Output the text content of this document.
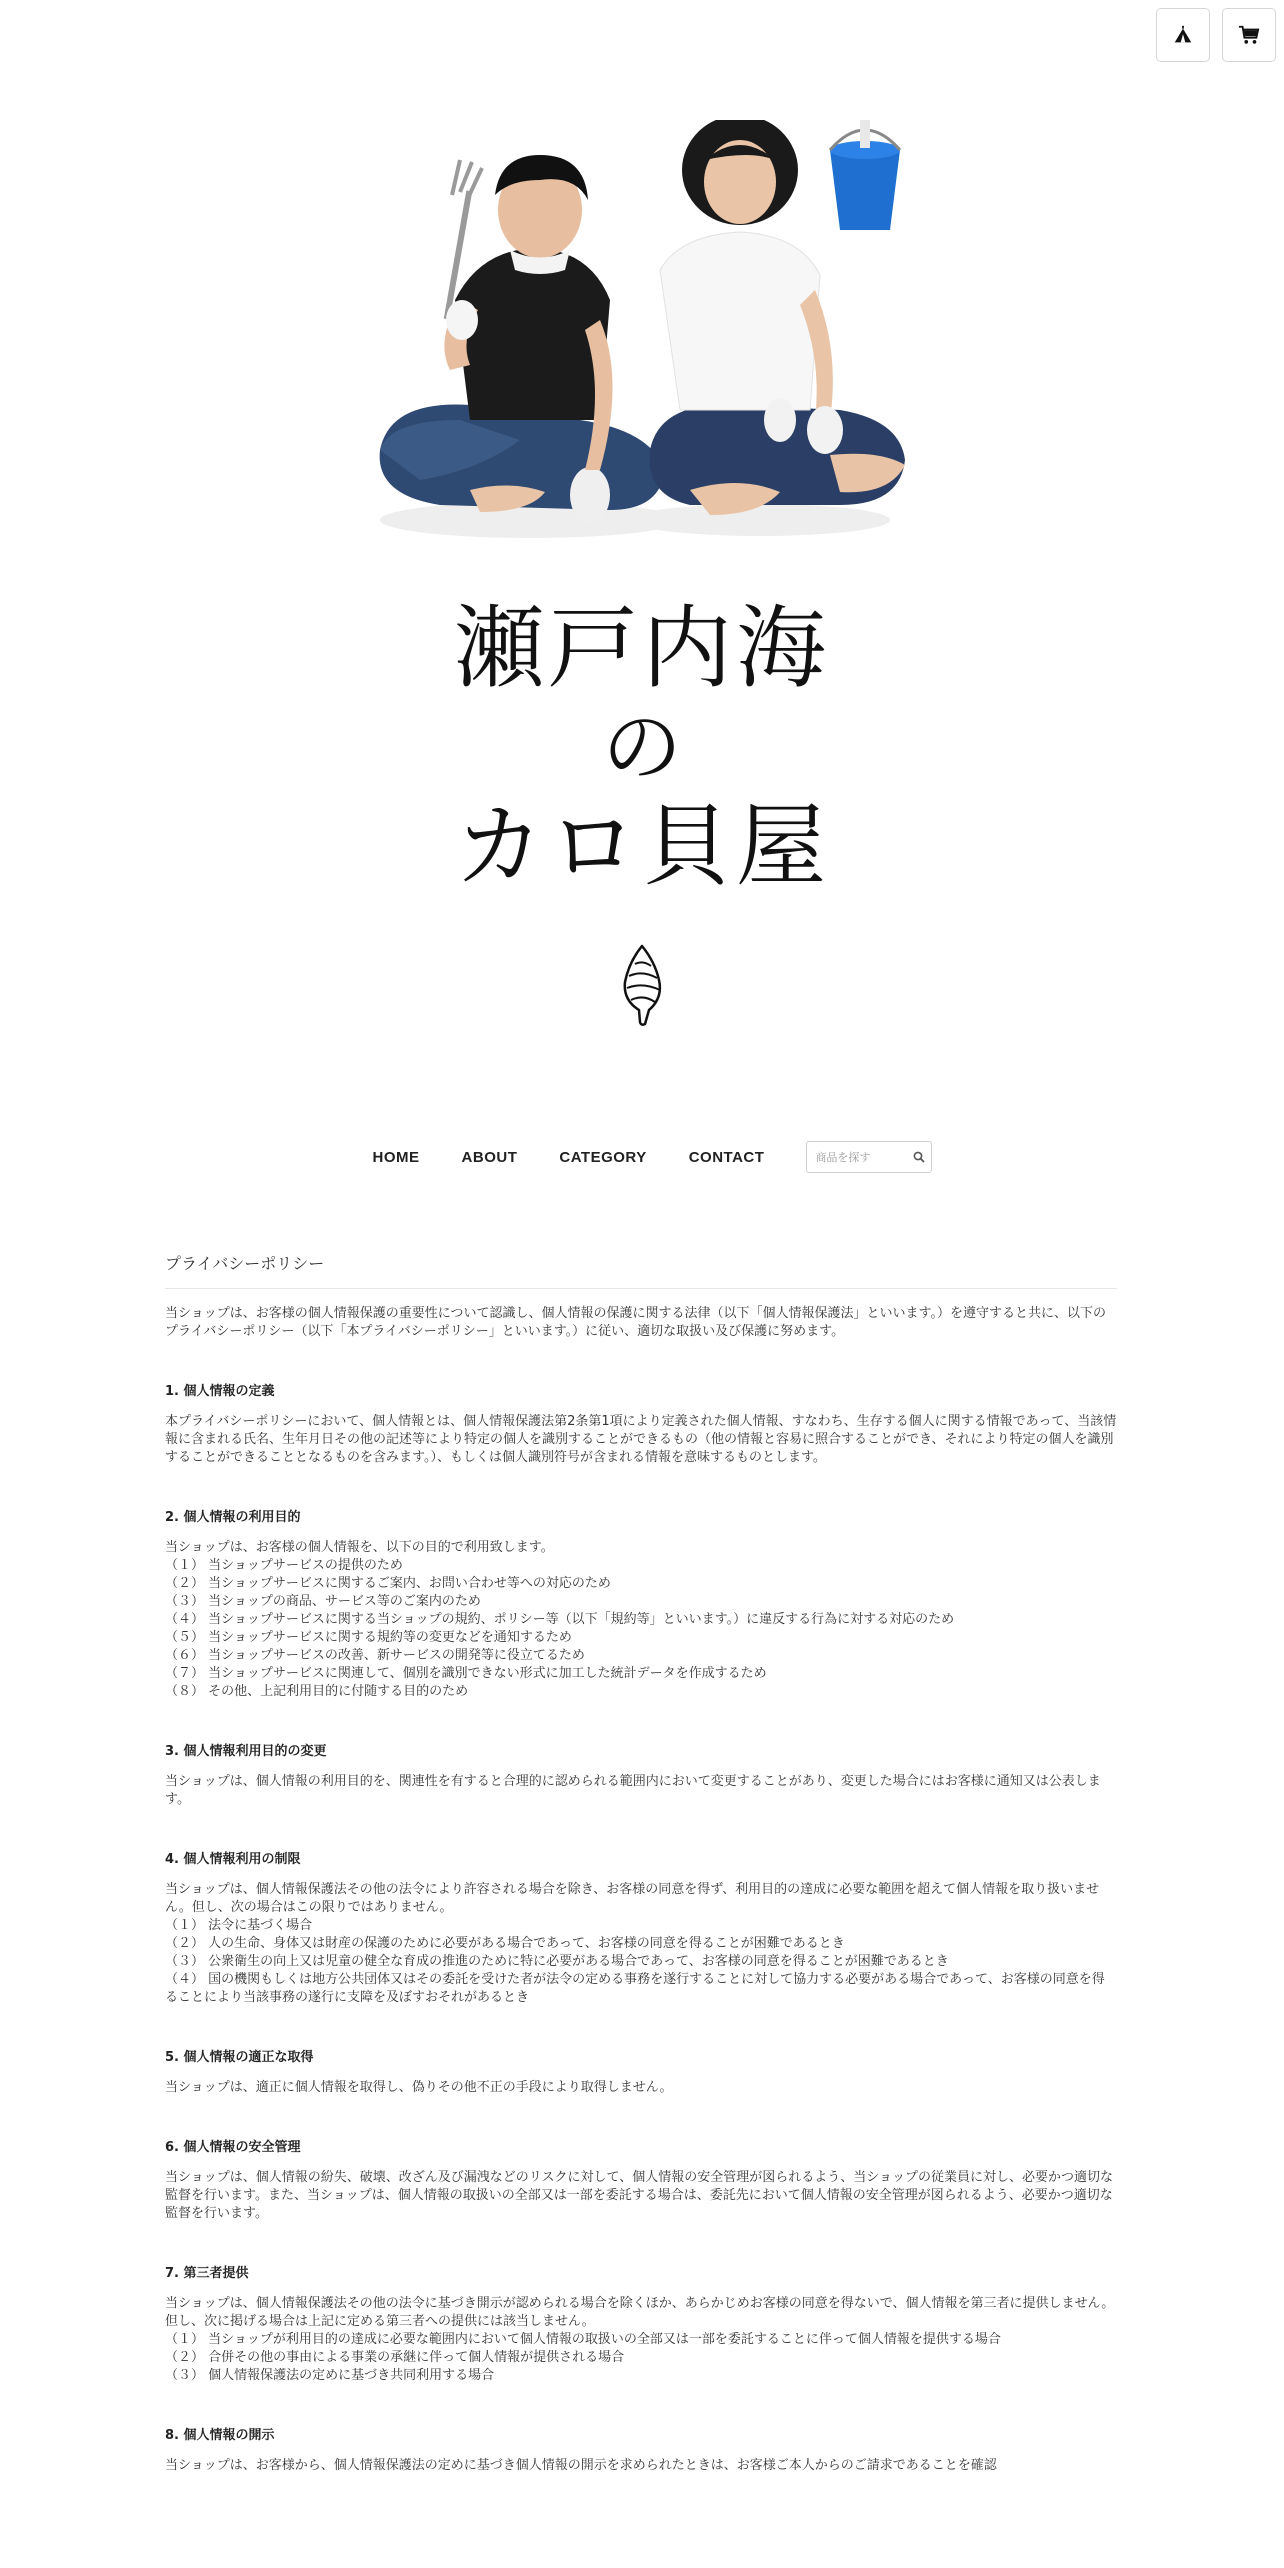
瀬戸内海
の
カロ貝屋
HOME	ABOUT	CATEGORY	CONTACT
商品を探す
プライバシーポリシー

当ショップは、お客様の個人情報保護の重要性について認識し、個人情報の保護に関する法律（以下「個人情報保護法」といいます。）を遵守すると共に、以下のプライバシーポリシー（以下「本プライバシーポリシー」といいます。）に従い、適切な取扱い及び保護に努めます。

1. 個人情報の定義

本プライバシーポリシーにおいて、個人情報とは、個人情報保護法第2条第1項により定義された個人情報、すなわち、生存する個人に関する情報であって、当該情報に含まれる氏名、生年月日その他の記述等により特定の個人を識別することができるもの（他の情報と容易に照合することができ、それにより特定の個人を識別することができることとなるものを含みます。）、もしくは個人識別符号が含まれる情報を意味するものとします。

2. 個人情報の利用目的

当ショップは、お客様の個人情報を、以下の目的で利用致します。

（１） 当ショップサービスの提供のため

（２） 当ショップサービスに関するご案内、お問い合わせ等への対応のため

（３） 当ショップの商品、サービス等のご案内のため

（４） 当ショップサービスに関する当ショップの規約、ポリシー等（以下「規約等」といいます。）に違反する行為に対する対応のため

（５） 当ショップサービスに関する規約等の変更などを通知するため

（６） 当ショップサービスの改善、新サービスの開発等に役立てるため

（７） 当ショップサービスに関連して、個別を識別できない形式に加工した統計データを作成するため

（８） その他、上記利用目的に付随する目的のため

3. 個人情報利用目的の変更

当ショップは、個人情報の利用目的を、関連性を有すると合理的に認められる範囲内において変更することがあり、変更した場合にはお客様に通知又は公表します。

4. 個人情報利用の制限

当ショップは、個人情報保護法その他の法令により許容される場合を除き、お客様の同意を得ず、利用目的の達成に必要な範囲を超えて個人情報を取り扱いません。但し、次の場合はこの限りではありません。

（１） 法令に基づく場合

（２） 人の生命、身体又は財産の保護のために必要がある場合であって、お客様の同意を得ることが困難であるとき

（３） 公衆衛生の向上又は児童の健全な育成の推進のために特に必要がある場合であって、お客様の同意を得ることが困難であるとき

（４） 国の機関もしくは地方公共団体又はその委託を受けた者が法令の定める事務を遂行することに対して協力する必要がある場合であって、お客様の同意を得ることにより当該事務の遂行に支障を及ぼすおそれがあるとき

5. 個人情報の適正な取得

当ショップは、適正に個人情報を取得し、偽りその他不正の手段により取得しません。

6. 個人情報の安全管理

当ショップは、個人情報の紛失、破壊、改ざん及び漏洩などのリスクに対して、個人情報の安全管理が図られるよう、当ショップの従業員に対し、必要かつ適切な監督を行います。また、当ショップは、個人情報の取扱いの全部又は一部を委託する場合は、委託先において個人情報の安全管理が図られるよう、必要かつ適切な監督を行います。

7. 第三者提供

当ショップは、個人情報保護法その他の法令に基づき開示が認められる場合を除くほか、あらかじめお客様の同意を得ないで、個人情報を第三者に提供しません。但し、次に掲げる場合は上記に定める第三者への提供には該当しません。

（１） 当ショップが利用目的の達成に必要な範囲内において個人情報の取扱いの全部又は一部を委託することに伴って個人情報を提供する場合

（２） 合併その他の事由による事業の承継に伴って個人情報が提供される場合

（３） 個人情報保護法の定めに基づき共同利用する場合

8. 個人情報の開示

当ショップは、お客様から、個人情報保護法の定めに基づき個人情報の開示を求められたときは、お客様ご本人からのご請求であることを確認
